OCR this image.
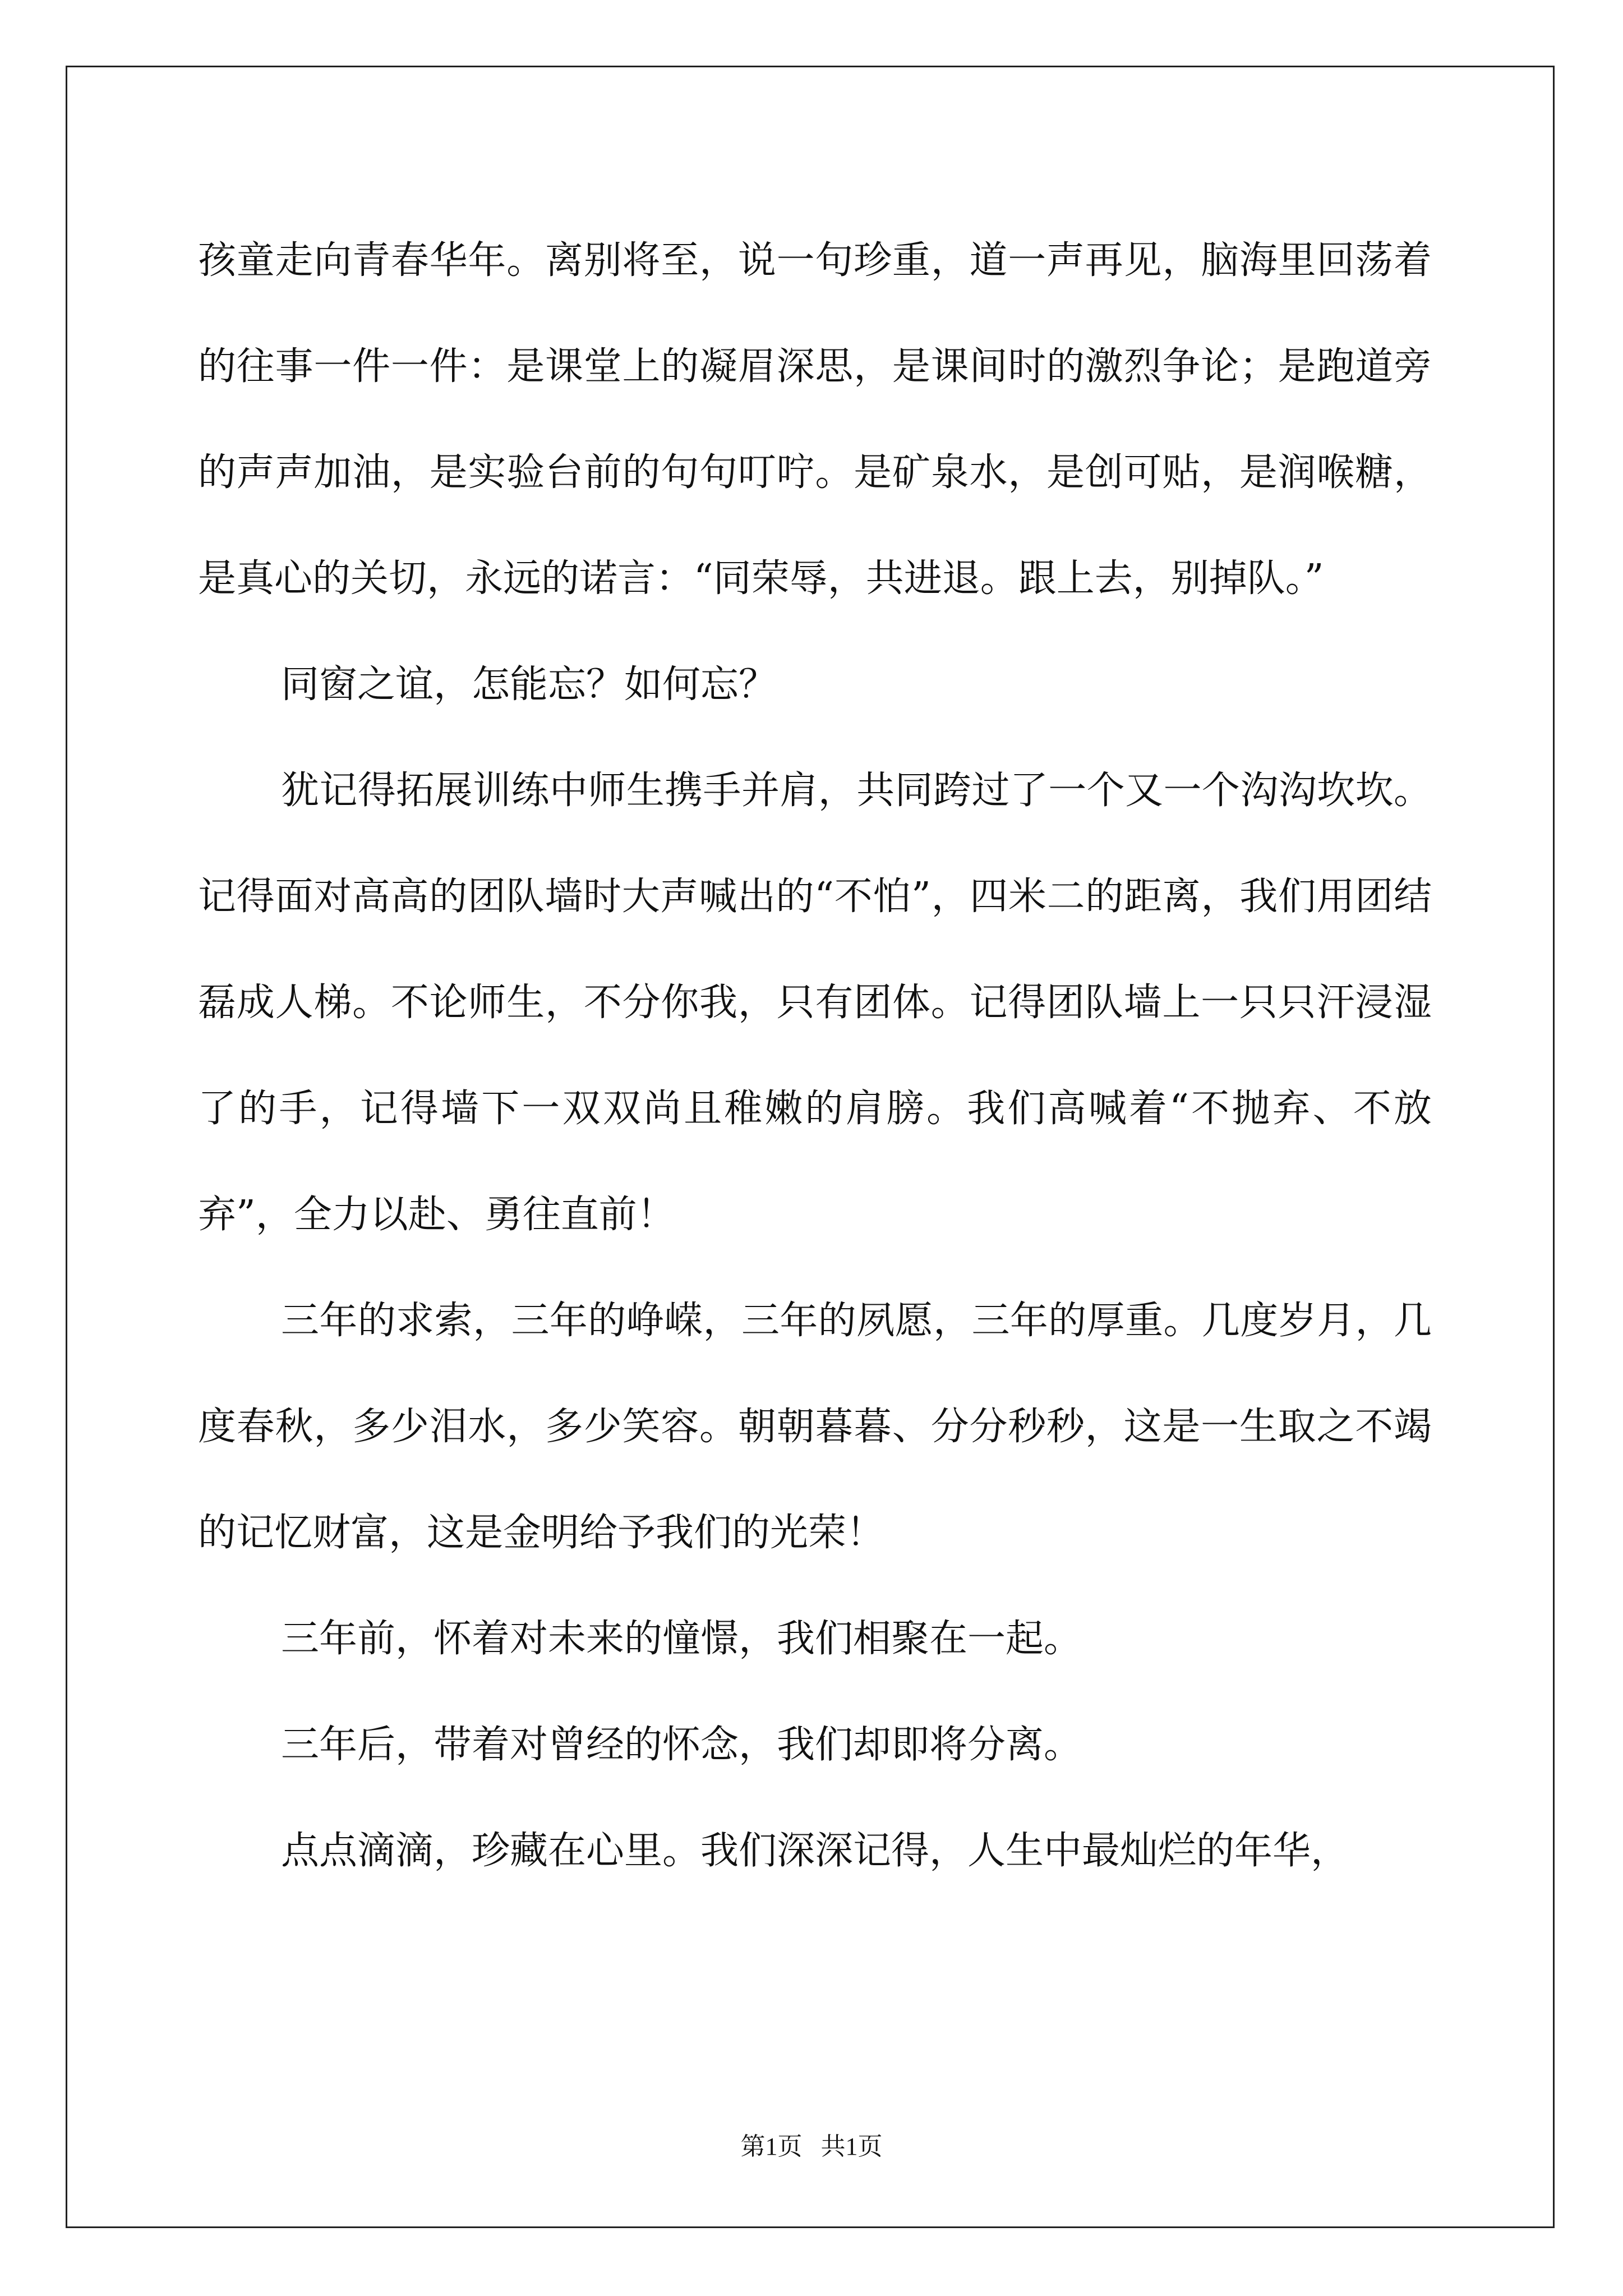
孩童走向青春华年。离别将至，说一句珍重，道一声再见，脑海里回荡着的往事一件一件：是课堂上的凝眉深思，是课间时的激烈争论；是跑道旁的声声加油，是实验台前的句句叮咛。是矿泉水，是创可贴，是润喉糖，是真心的关切，永远的诺言：“同荣辱，共进退。跟上去，别掉队。”

同窗之谊，怎能忘？如何忘？

犹记得拓展训练中师生携手并肩，共同跨过了一个又一个沟沟坎坎。记得面对高高的团队墙时大声喊出的“不怕”，四米二的距离，我们用团结磊成人梯。不论师生，不分你我，只有团体。记得团队墙上一只只汗浸湿了的手，记得墙下一双双尚且稚嫩的肩膀。我们高喊着“不抛弃、不放弃”，全力以赴、勇往直前！

三年的求索，三年的峥嵘，三年的夙愿，三年的厚重。几度岁月，几度春秋，多少泪水，多少笑容。朝朝暮暮、分分秒秒，这是一生取之不竭的记忆财富，这是金明给予我们的光荣！

三年前，怀着对未来的憧憬，我们相聚在一起。

三年后，带着对曾经的怀念，我们却即将分离。

点点滴滴，珍藏在心里。我们深深记得，人生中最灿烂的年华，

第1页   共1页
